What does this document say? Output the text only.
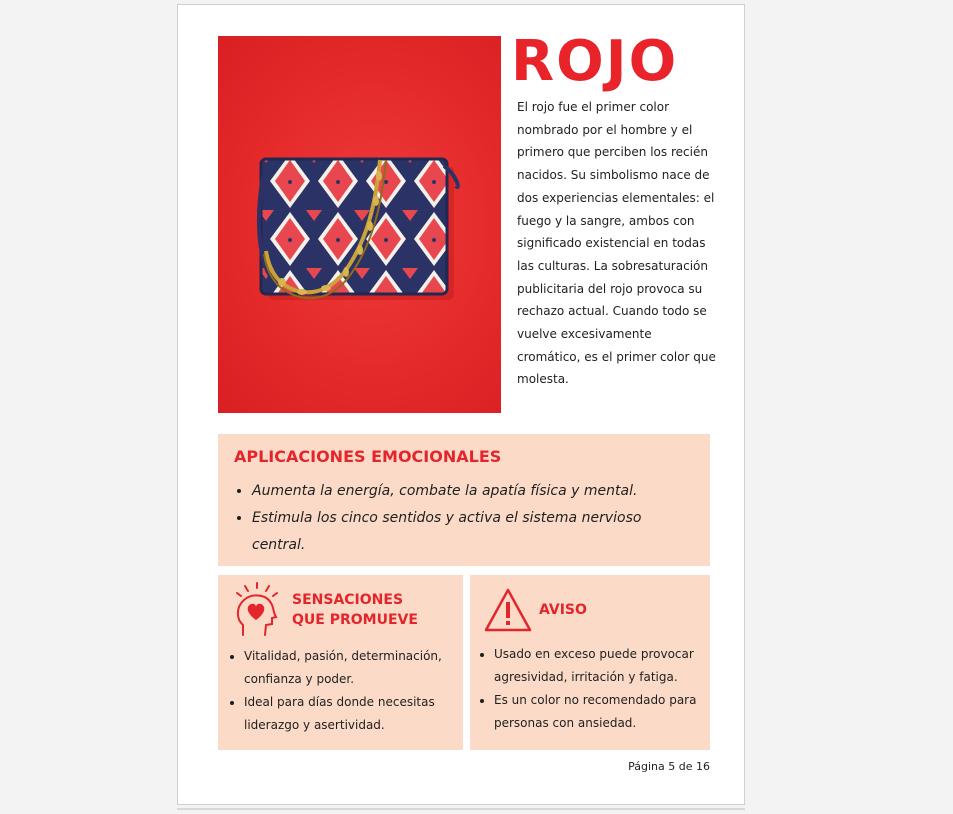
ROJO
El rojo fue el primer color nombrado por el hombre y el primero que perciben los recién nacidos. Su simbolismo nace de dos experiencias elementales: el fuego y la sangre, ambos con significado existencial en todas las culturas. La sobresaturación publicitaria del rojo provoca su rechazo actual. Cuando todo se vuelve excesivamente cromático, es el primer color que molesta.
APLICACIONES EMOCIONALES
• Aumenta la energía, combate la apatía física y mental.
• Estimula los cinco sentidos y activa el sistema nervioso central.
SENSACIONES
QUE PROMUEVE
• Vitalidad, pasión, determinación, confianza y poder.
• Ideal para días donde necesitas liderazgo y asertividad.
AVISO
• Usado en exceso puede provocar agresividad, irritación y fatiga.
• Es un color no recomendado para personas con ansiedad.
Página 5 de 16
